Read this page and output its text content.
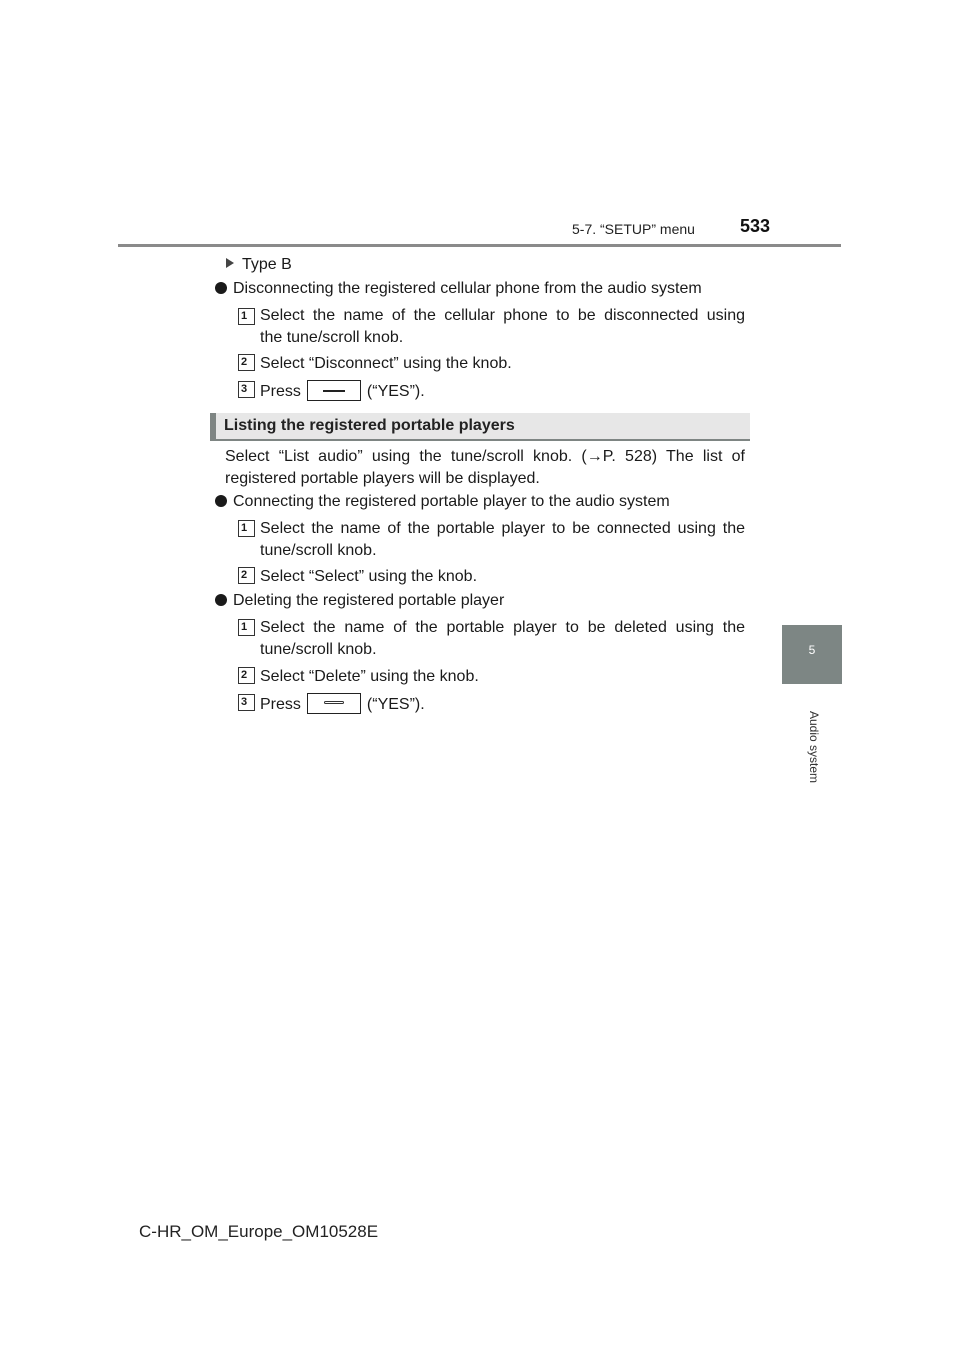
5-7. “SETUP” menu	533
5
Audio system
Type B
Disconnecting the registered cellular phone from the audio system
1 Select the name of the cellular phone to be disconnected using
the tune/scroll knob.
2 Select “Disconnect” using the knob.
3 Press	(“YES”).
Listing the registered portable players
Select “List audio” using the tune/scroll knob. (→P. 528) The list of
registered portable players will be displayed.
Connecting the registered portable player to the audio system
1 Select the name of the portable player to be connected using the
tune/scroll knob.
2 Select “Select” using the knob.
Deleting the registered portable player
1 Select the name of the portable player to be deleted using the
tune/scroll knob.
2 Select “Delete” using the knob.
3 Press	(“YES”).
C-HR_OM_Europe_OM10528E
